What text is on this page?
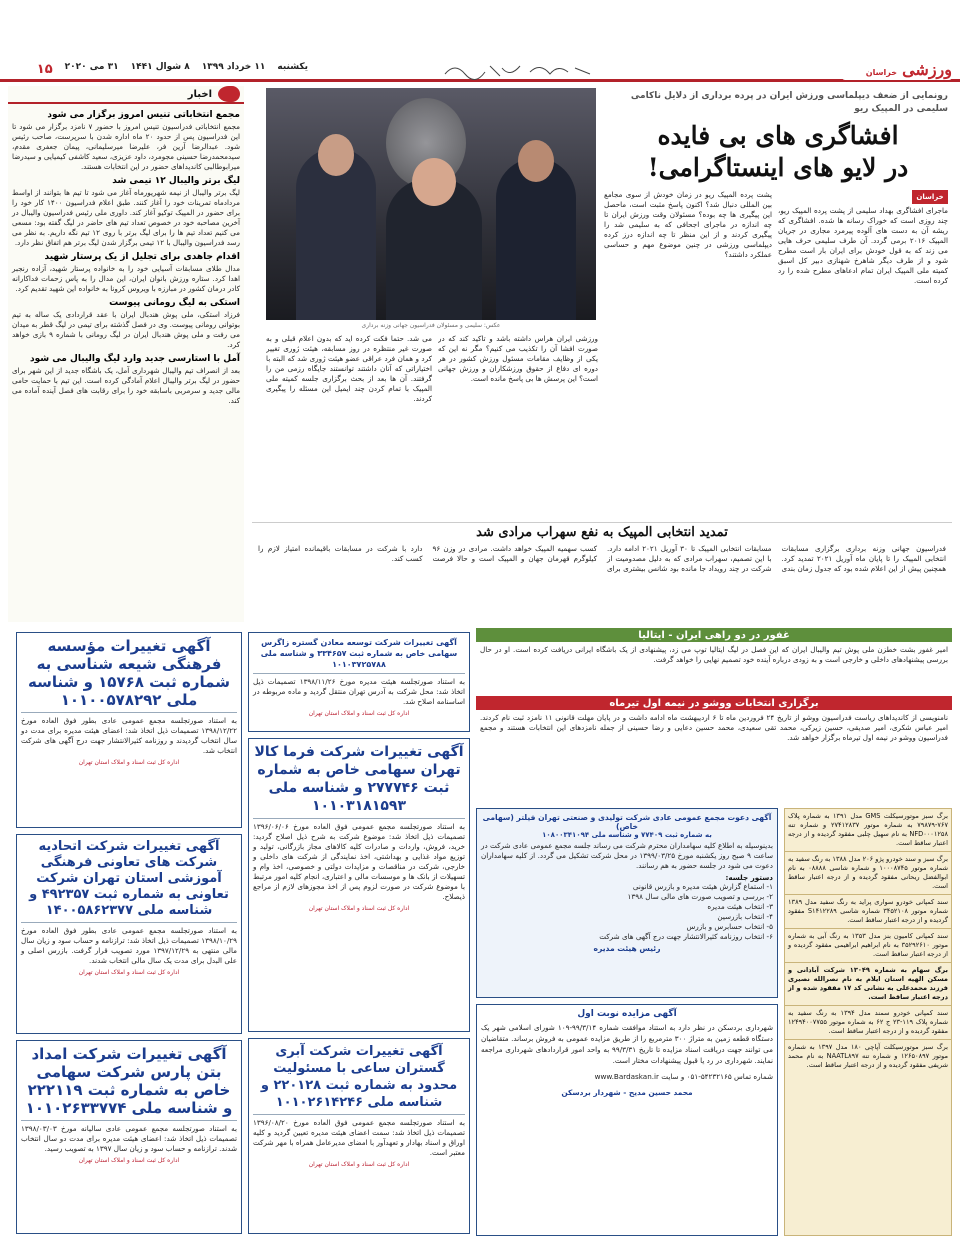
ورزشی خراسان
یکشنبه
۱۱ خرداد ۱۳۹۹
۸ شوال ۱۴۴۱
۳۱ می ۲۰۲۰
۱۵
اخبار
مجمع انتخاباتی تنیس امروز برگزار می شود
مجمع انتخاباتی فدراسیون تنیس امروز با حضور ۷ نامزد برگزار می شود تا این فدراسیون پس از حدود ۲۰ ماه اداره شدن با سرپرست، صاحب رئیس شود. عبدالرضا آرین فر، علیرضا میرسلیمانی، پیمان جعفری مقدم، سیدمحمدرضا حسینی مجومرد، داود عزیزی، سعید کاشفی کیمیایی و سیدرضا میرابوطالبی کاندیداهای حضور در این انتخابات هستند.
لیگ برتر والیبال ۱۲ تیمی شد
لیگ برتر والیبال از نیمه شهریورماه آغاز می شود تا تیم ها بتوانند از اواسط مردادماه تمرینات خود را آغاز کنند. طبق اعلام فدراسیون ۱۴۰۰ کار خود را برای حضور در المپیک توکیو آغاز کند. داوری ملی رئیس فدراسیون والیبال در آخرین مصاحبه خود در خصوص تعداد تیم های حاضر در لیگ گفته بود: مسعی می کنیم تعداد تیم ها را برای لیگ برتر با روی ۱۲ تیم نگه داریم. به نظر می رسد فدراسیون والیبال با ۱۲ تیمی برگزار شدن لیگ برتر هم اتفاق نظر دارد.
اقدام جاهدی برای تجلیل از یک پرستار شهید
مدال طلای مسابقات آسیایی خود را به خانواده پرستار شهید، آزاده رنجبر اهدا کرد. ستاره ورزش بانوان ایران، این مدال را به پاس زحمات فداکارانه کادر درمان کشور در مبارزه با ویروس کرونا به خانواده این شهید تقدیم کرد.
استکی به لیگ رومانی پیوست
فرزاد استکی، ملی پوش هندبال ایران با عقد قراردادی یک ساله به تیم بوتوانی رومانی پیوست. وی در فصل گذشته برای تیمی در لیگ قطر به میدان می رفت و ملی پوش هندبال ایران در لیگ رومانی با شماره ۹ بازی خواهد کرد.
آمل با استارسی جدید وارد لیگ والیبال می شود
بعد از انصراف تیم والیبال شهرداری آمل، یک باشگاه جدید از این شهر برای حضور در لیگ برتر والیبال اعلام آمادگی کرده است. این تیم با حمایت حامی مالی جدید و سرمربی باسابقه خود را برای رقابت های فصل آینده آماده می کند.
رونمایی از ضعف دیپلماسی ورزش ایران در پرده برداری از دلایل ناکامی سلیمی در المپیک ریو
افشاگری های بی فایده
در لایو های اینستاگرامی!
عکس: سلیمی و مسئولان فدراسیون جهانی وزنه برداری
خراسان
ماجرای افشاگری بهداد سلیمی از پشت پرده المپیک ریو، چند روزی است که خوراک رسانه ها شده. افشاگری که ریشه آن به دست های آلوده پیرمرد مجاری در جریان المپیک ۲۰۱۶ برمی گردد. آن طرف سلیمی حرف هایی می زند که به قول خودش برای ایران بار است مطرح شود و از طرف دیگر شاهرخ شهنازی دبیر کل اسبق کمیته ملی المپیک ایران تمام ادعاهای مطرح شده را رد کرده است.
پشت پرده المپیک ریو در زمان خودش از سوی مجامع بین المللی دنبال شد؟ اکنون پاسخ مثبت است، ماحصل این پیگیری ها چه بوده؟ مسئولان وقت ورزش ایران تا چه اندازه در ماجرای اجحافی که به سلیمی شد را پیگیری کردند و از این منظر تا چه اندازه درز کرده دیپلماسی ورزشی در چنین موضوع مهم و حساسی عملکرد داشتند؟
ورزشی ایران هراس داشته باشد و تاکید کند که در صورت افشا آن را تکذیب می کنیم؟ مگر نه این که یکی از وظایف مقامات مسئول ورزش کشور در هر دوره ای دفاع از حقوق ورزشکاران و ورزش جهانی است؟ این پرسش ها بی پاسخ مانده است.
می شد. حتما فکت کرده اید که بدون اعلام قبلی و به صورت غیر منتظره در روز مسابقه، هیئت ژوری تغییر کرد و همان فرد عراقی عضو هیئت ژوری شد که البته با اختیاراتی که آنان داشتند توانستند جایگاه رزمی من را گرفتند. آن ها بعد از بحث برگزاری جلسه کمیته ملی المپیک با تمام کردن چند ایمیل این مسئله را پیگیری کردند.
تمدید انتخابی المپیک به نفع سهراب مرادی شد
فدراسیون جهانی وزنه برداری برگزاری مسابقات انتخابی المپیک را تا پایان ماه آوریل ۲۰۲۱ تمدید کرد. همچنین پیش از این اعلام شده بود که جدول زمان بندی مسابقات انتخابی المپیک تا ۳۰ آوریل ۲۰۲۱ ادامه دارد. با این تصمیم، سهراب مرادی که به دلیل مصدومیت از شرکت در چند رویداد جا مانده بود شانس بیشتری برای کسب سهمیه المپیک خواهد داشت. مرادی در وزن ۹۶ کیلوگرم قهرمان جهان و المپیک است و حالا فرصت دارد با شرکت در مسابقات باقیمانده امتیاز لازم را کسب کند.
آگهی تغییرات مؤسسه فرهنگی شیعه شناسی به شماره ثبت ۱۵۷۶۸ و شناسه ملی ۱۰۱۰۰۵۷۸۲۹۲
به استناد صورتجلسه مجمع عمومی عادی بطور فوق العاده مورخ ۱۳۹۸/۱۲/۲۲ تصمیمات ذیل اتخاذ شد: اعضای هیئت مدیره برای مدت دو سال انتخاب گردیدند و روزنامه کثیرالانتشار جهت درج آگهی های شرکت انتخاب شد.
اداره کل ثبت اسناد و املاک استان تهران
آگهی تغییرات شرکت اتحادیه شرکت های تعاونی فرهنگی آموزشی استان تهران شرکت تعاونی به شماره ثبت ۴۹۲۳۵۷ و شناسه ملی ۱۴۰۰۵۸۶۲۳۷۷
به استناد صورتجلسه مجمع عمومی عادی بطور فوق العاده مورخ ۱۳۹۸/۱۰/۲۹ تصمیمات ذیل اتخاذ شد: ترازنامه و حساب سود و زیان سال مالی منتهی به ۱۳۹۷/۱۲/۲۹ مورد تصویب قرار گرفت. بازرس اصلی و علی البدل برای مدت یک سال مالی انتخاب شدند.
اداره کل ثبت اسناد و املاک استان تهران
آگهی تغییرات شرکت امداد بتن پارس شرکت سهامی خاص به شماره ثبت ۲۲۲۱۱۹ و شناسه ملی ۱۰۱۰۲۶۳۳۷۷۴
به استناد صورتجلسه مجمع عمومی عادی سالیانه مورخ ۱۳۹۸/۰۳/۰۳ تصمیمات ذیل اتخاذ شد: اعضای هیئت مدیره برای مدت دو سال انتخاب شدند. ترازنامه و حساب سود و زیان سال ۱۳۹۷ به تصویب رسید.
اداره کل ثبت اسناد و املاک استان تهران
آگهی تغییرات شرکت توسعه معادن گستره زاگرس سهامی خاص به شماره ثبت ۳۳۴۶۵۷ و شناسه ملی ۱۰۱۰۳۷۲۵۷۸۸
به استناد صورتجلسه هیئت مدیره مورخ ۱۳۹۸/۱۱/۲۶ تصمیمات ذیل اتخاذ شد: محل شرکت به آدرس تهران منتقل گردید و ماده مربوطه در اساسنامه اصلاح شد.
اداره کل ثبت اسناد و املاک استان تهران
آگهی تغییرات شرکت فرما کالا تهران سهامی خاص به شماره ثبت ۲۷۷۷۴۶ و شناسه ملی ۱۰۱۰۳۱۸۱۵۹۳
به استناد صورتجلسه مجمع عمومی فوق العاده مورخ ۱۳۹۶/۰۶/۰۶ تصمیمات ذیل اتخاذ شد: موضوع شرکت به شرح ذیل اصلاح گردید: خرید، فروش، واردات و صادرات کلیه کالاهای مجاز بازرگانی، تولید و توزیع مواد غذایی و بهداشتی، اخذ نمایندگی از شرکت های داخلی و خارجی، شرکت در مناقصات و مزایدات دولتی و خصوصی، اخذ وام و تسهیلات از بانک ها و موسسات مالی و اعتباری، انجام کلیه امور مرتبط با موضوع شرکت در صورت لزوم پس از اخذ مجوزهای لازم از مراجع ذیصلاح.
اداره کل ثبت اسناد و املاک استان تهران
آگهی تغییرات شرکت آبری گستران ساعی با مسئولیت محدود به شماره ثبت ۲۲۰۱۲۸ و شناسه ملی ۱۰۱۰۲۶۱۴۲۴۶
به استناد صورتجلسه مجمع عمومی فوق العاده مورخ ۱۳۹۶/۰۸/۲۰ تصمیمات ذیل اتخاذ شد: سمت اعضای هیئت مدیره تعیین گردید و کلیه اوراق و اسناد بهادار و تعهدآور با امضای مدیرعامل همراه با مهر شرکت معتبر است.
اداره کل ثبت اسناد و املاک استان تهران
غفور در دو راهی ایران - ایتالیا
امیر غفور بشت خطزن ملی پوش تیم والیبال ایران که این فصل در لیگ ایتالیا توپ می زد، پیشنهادی از یک باشگاه ایرانی دریافت کرده است. او در حال بررسی پیشنهادهای داخلی و خارجی است و به زودی درباره آینده خود تصمیم نهایی را خواهد گرفت.
برگزاری انتخابات ووشو در نیمه اول تیرماه
نامنویسی از کاندیداهای ریاست فدراسیون ووشو از تاریخ ۲۴ فروردین ماه تا ۶ اردیبهشت ماه ادامه داشت و در پایان مهلت قانونی ۱۱ نامزد ثبت نام کردند. امیر عباس شکری، امیر صدیقی، حسین زیرکی، محمد تقی سعیدی، محمد حسین دعایی و رضا حسینی از جمله نامزدهای این انتخابات هستند و مجمع فدراسیون ووشو در نیمه اول تیرماه برگزار خواهد شد.
آگهی دعوت مجمع عمومی عادی شرکت تولیدی و صنعتی تهران فیلتر (سهامی خاص)
به شماره ثبت ۷۷۴۰۹ و شناسه ملی ۱۰۸۰۰۳۴۱۰۹۴
بدینوسیله به اطلاع کلیه سهامداران محترم شرکت می رساند جلسه مجمع عمومی عادی شرکت در ساعت ۹ صبح روز یکشنبه مورخ ۱۳۹۹/۰۳/۲۵ در محل شرکت تشکیل می گردد. از کلیه سهامداران دعوت می شود در جلسه حضور به هم رسانند.
دستور جلسه:
۱- استماع گزارش هیئت مدیره و بازرس قانونی
۲- بررسی و تصویب صورت های مالی سال ۱۳۹۸
۳- انتخاب هیئت مدیره
۴- انتخاب بازرسین
۵- انتخاب حسابرس و بازرس
۶- انتخاب روزنامه کثیرالانتشار جهت درج آگهی های شرکت
رئیس هیئت مدیره
آگهی مزایده نوبت اول
شهرداری بردسکن در نظر دارد به استناد موافقت شماره ۹۹/۳/۱۴-۱۰۹ شورای اسلامی شهر یک دستگاه قطعه زمین به متراژ ۳۰۰ مترمربع را از طریق مزایده عمومی به فروش برساند. متقاضیان می توانند جهت دریافت اسناد مزایده تا تاریخ ۹۹/۳/۳۱ به واحد امور قراردادهای شهرداری مراجعه نمایند. شهرداری در رد یا قبول پیشنهادات مختار است.
شماره تماس ۵۴۲۳۲۱۶۵-۰۵۱ و سایت www.Bardaskan.ir
محمد حسین مدیح - شهردار بردسکن
برگ سبز موتورسیکلت GMS مدل ۱۳۹۱ به شماره پلاک ۷۶۷-۷۹۸۷۹ به شماره موتور ۲۷۴۱۲۸۳۷ و شماره تنه NFD۰۰۰۱۲۵۸ به نام سهیل چلبی مفقود گردیده و از درجه اعتبار ساقط است.
برگ سبز و سند خودرو پژو ۲۰۶ مدل ۱۳۸۸ به رنگ سفید به شماره موتور ۱۰۰۰۸۷۴۵ و شماره شاسی ۰۸۸۸۸ به نام ابوالفضل ریحانی مفقود گردیده و از درجه اعتبار ساقط است.
سند کمپانی خودرو سواری پراید به رنگ سفید مدل ۱۳۸۹ شماره موتور ۳۴۵۲۱۰۸ شماره شاسی S۱۴۱۲۲۸۹ مفقود گردیده و از درجه اعتبار ساقط است.
سند کمپانی کامیون بنز مدل ۱۳۵۳ به رنگ آبی به شماره موتور ۳۵۲۹۲۶۱۰ به نام ابراهیم ابراهیمی مفقود گردیده و از درجه اعتبار ساقط است.
برگ سهام به شماره ۱۳۰۴۹ شرکت آبادانی و مسکن الهیه استان ایلام به نام نصرالله نصیری فرزند محمدعلی به نشانی کد ۱۷ مفقود شده و از درجه اعتبار ساقط است.
سند کمپانی خودرو سمند مدل ۱۳۹۴ به رنگ سفید به شماره پلاک ۱۱۹-۲۳ ج ۶۲ به شماره موتور ۱۲۴۹۴۰۰۷۷۵۵ مفقود گردیده و از درجه اعتبار ساقط است.
برگ سبز موتورسیکلت آپاچی ۱۸۰ مدل ۱۳۹۷ به شماره موتور ۱۲۶۵۰۸۹۷ و شماره تنه NAATL۸۹۷ به نام محمد شریفی مفقود گردیده و از درجه اعتبار ساقط است.
